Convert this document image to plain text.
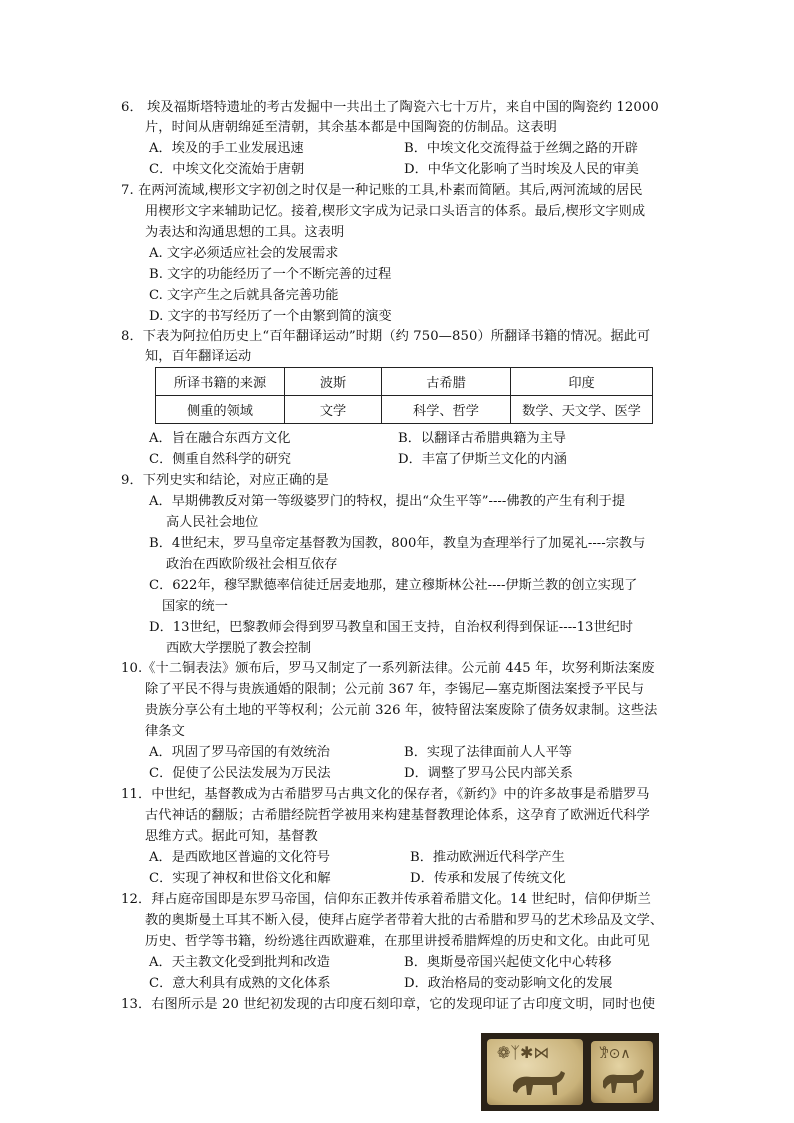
6． 埃及福斯塔特遗址的考古发掘中一共出土了陶瓷六七十万片，来自中国的陶瓷约 12000
片，时间从唐朝绵延至清朝，其余基本都是中国陶瓷的仿制品。这表明
A．埃及的手工业发展迅速	B．中埃文化交流得益于丝绸之路的开辟
C．中埃文化交流始于唐朝	D．中华文化影响了当时埃及人民的审美
7. 在两河流域,楔形文字初创之时仅是一种记账的工具,朴素而简陋。其后,两河流域的居民
用楔形文字来辅助记忆。接着,楔形文字成为记录口头语言的体系。最后,楔形文字则成
为表达和沟通思想的工具。这表明
A. 文字必须适应社会的发展需求
B. 文字的功能经历了一个不断完善的过程
C. 文字产生之后就具备完善功能
D. 文字的书写经历了一个由繁到简的演变
8．下表为阿拉伯历史上“百年翻译运动”时期（约 750—850）所翻译书籍的情况。据此可
知，百年翻译运动
所译书籍的来源	波斯	古希腊	印度
侧重的领域	文学	科学、哲学	数学、天文学、医学
A．旨在融合东西方文化	B．以翻译古希腊典籍为主导
C．侧重自然科学的研究	D．丰富了伊斯兰文化的内涵
9．下列史实和结论，对应正确的是
A．早期佛教反对第一等级婆罗门的特权，提出“众生平等”----佛教的产生有利于提
高人民社会地位
B．4世纪末，罗马皇帝定基督教为国教，800年，教皇为查理举行了加冕礼----宗教与
政治在西欧阶级社会相互依存
C．622年，穆罕默德率信徒迁居麦地那，建立穆斯林公社----伊斯兰教的创立实现了
国家的统一
D．13世纪，巴黎教师会得到罗马教皇和国王支持，自治权利得到保证----13世纪时
西欧大学摆脱了教会控制
10.《十二铜表法》颁布后，罗马又制定了一系列新法律。公元前 445 年，坎努利斯法案废
除了平民不得与贵族通婚的限制；公元前 367 年，李锡尼—塞克斯图法案授予平民与
贵族分享公有土地的平等权利；公元前 326 年，彼特留法案废除了债务奴隶制。这些法
律条文
A．巩固了罗马帝国的有效统治	B．实现了法律面前人人平等
C．促使了公民法发展为万民法	D．调整了罗马公民内部关系
11．中世纪，基督教成为古希腊罗马古典文化的保存者，《新约》中的许多故事是希腊罗马
古代神话的翻版；古希腊经院哲学被用来构建基督教理论体系，这孕育了欧洲近代科学
思维方式。据此可知，基督教
A．是西欧地区普遍的文化符号	B．推动欧洲近代科学产生
C．实现了神权和世俗文化和解	D．传承和发展了传统文化
12．拜占庭帝国即是东罗马帝国，信仰东正教并传承着希腊文化。14 世纪时，信仰伊斯兰
教的奥斯曼土耳其不断入侵，使拜占庭学者带着大批的古希腊和罗马的艺术珍品及文学、
历史、哲学等书籍，纷纷逃往西欧避难，在那里讲授希腊辉煌的历史和文化。由此可见
A．天主教文化受到批判和改造	B．奥斯曼帝国兴起使文化中心转移
C．意大利具有成熟的文化体系	D．政治格局的变动影响文化的发展
13．右图所示是 20 世纪初发现的古印度石刻印章，它的发现印证了古印度文明，同时也使
❁ᛉ✱⋈	𐦂⊙∧
